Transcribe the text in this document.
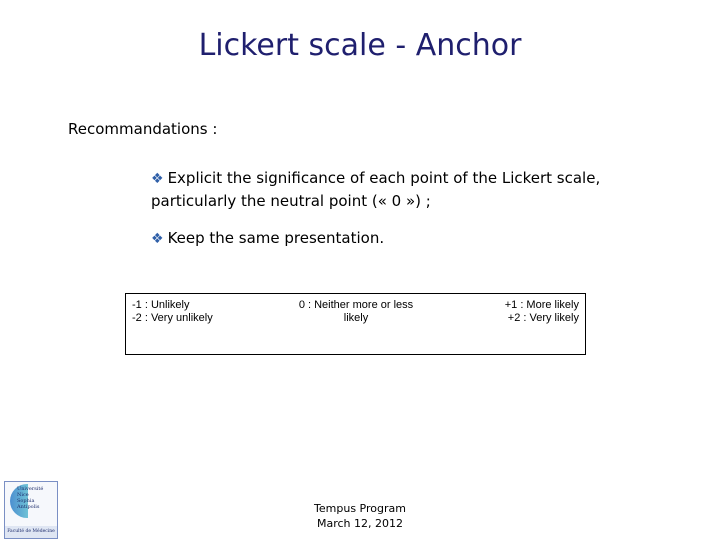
Lickert scale - Anchor
Recommandations :
❖ Explicit the significance of each point of the Lickert scale, particularly the neutral point (« 0 ») ;
❖ Keep the same presentation.
-1 : Unlikely
-2 : Very unlikely
0 : Neither more or less likely
+1 : More likely
+2 : Very likely
Université
Nice
Sophia Antipolis
Faculté de Médecine
Tempus Program
March 12, 2012
